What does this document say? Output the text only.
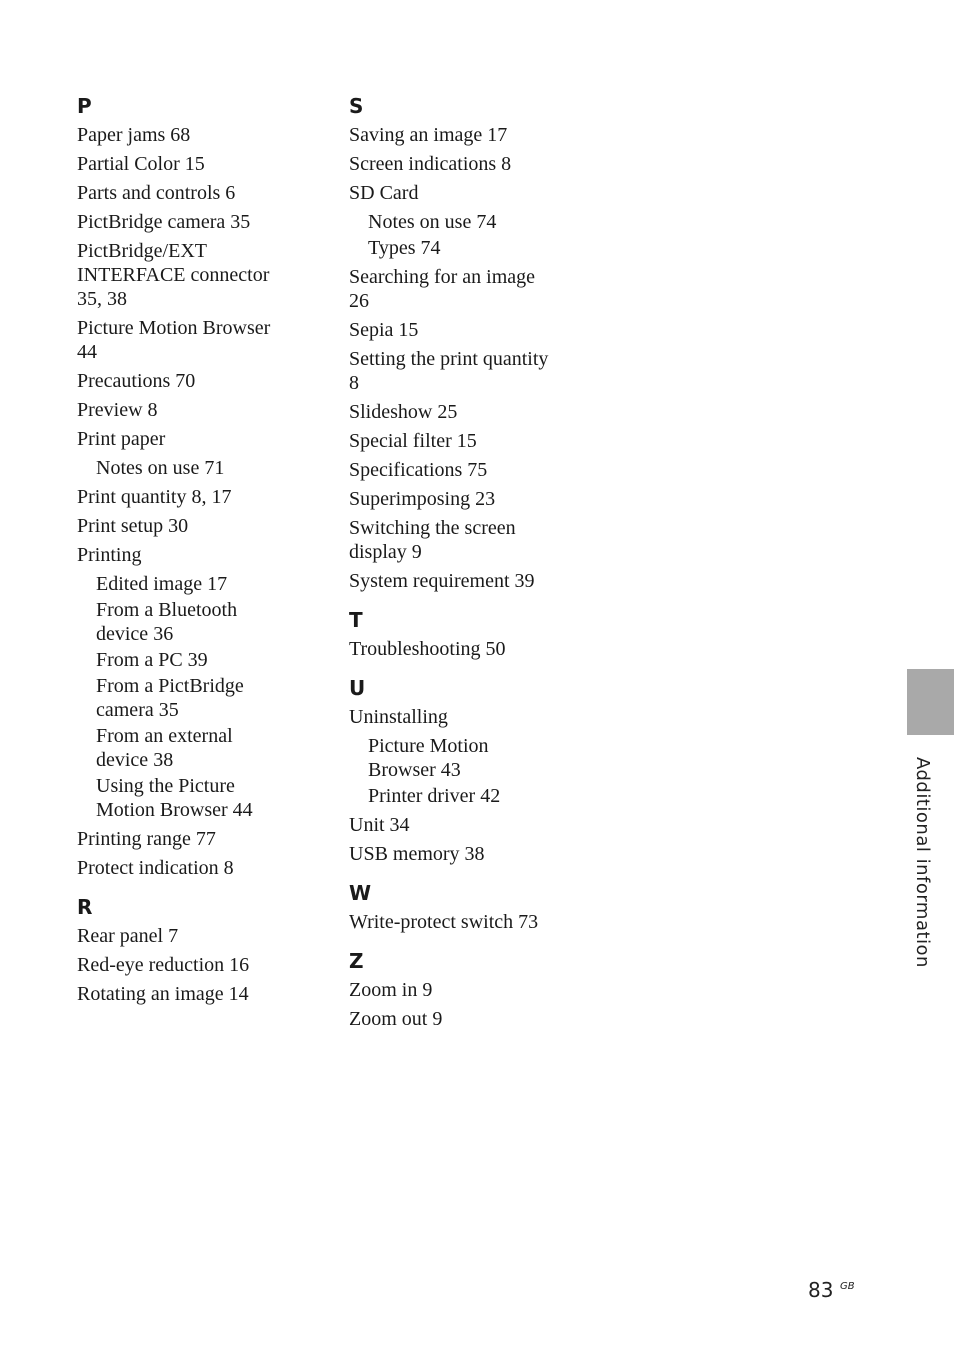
P
Paper jams 68
Partial Color 15
Parts and controls 6
PictBridge camera 35
PictBridge/EXT
INTERFACE connector
35, 38
Picture Motion Browser
44
Precautions 70
Preview 8
Print paper
Notes on use 71
Print quantity 8, 17
Print setup 30
Printing
Edited image 17
From a Bluetooth
device 36
From a PC 39
From a PictBridge
camera 35
From an external
device 38
Using the Picture
Motion Browser 44
Printing range 77
Protect indication 8
R
Rear panel 7
Red-eye reduction 16
Rotating an image 14
S
Saving an image 17
Screen indications 8
SD Card
Notes on use 74
Types 74
Searching for an image
26
Sepia 15
Setting the print quantity
8
Slideshow 25
Special filter 15
Specifications 75
Superimposing 23
Switching the screen
display 9
System requirement 39
T
Troubleshooting 50
U
Uninstalling
Picture Motion
Browser 43
Printer driver 42
Unit 34
USB memory 38
W
Write-protect switch 73
Z
Zoom in 9
Zoom out 9
Additional information
83 GB
